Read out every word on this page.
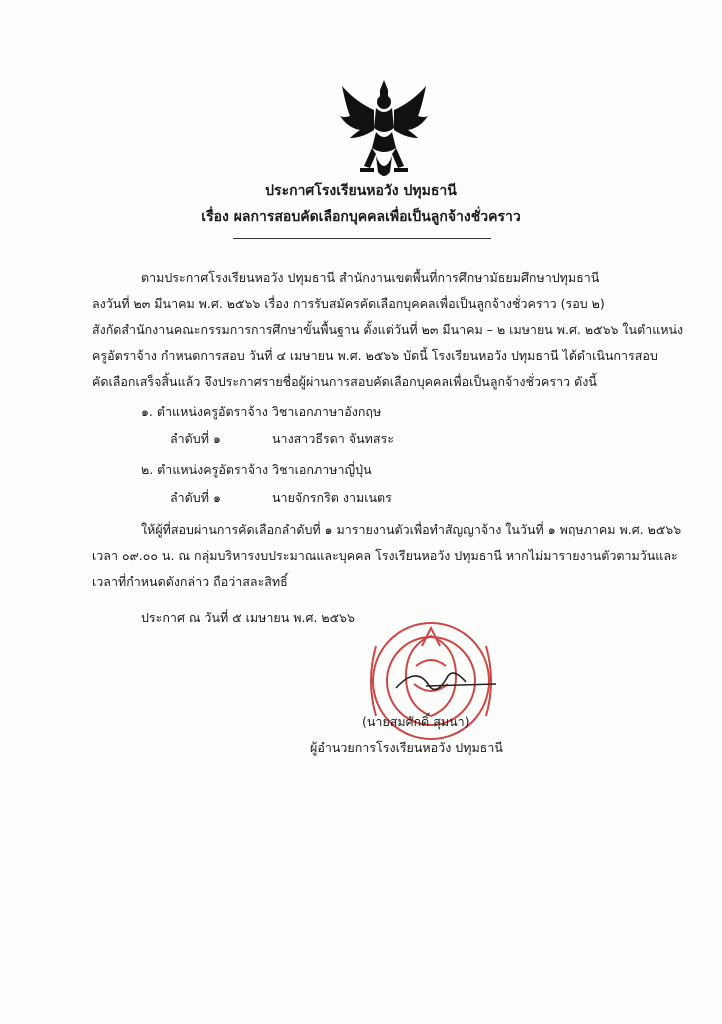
ประกาศโรงเรียนหอวัง ปทุมธานี
เรื่อง ผลการสอบคัดเลือกบุคคลเพื่อเป็นลูกจ้างชั่วคราว
ตามประกาศโรงเรียนหอวัง ปทุมธานี สำนักงานเขตพื้นที่การศึกษามัธยมศึกษาปทุมธานี
ลงวันที่ ๒๓ มีนาคม พ.ศ. ๒๕๖๖ เรื่อง การรับสมัครคัดเลือกบุคคลเพื่อเป็นลูกจ้างชั่วคราว (รอบ ๒)
สังกัดสำนักงานคณะกรรมการการศึกษาขั้นพื้นฐาน ตั้งแต่วันที่ ๒๓ มีนาคม – ๒ เมษายน พ.ศ. ๒๕๖๖ ในตำแหน่ง
ครูอัตราจ้าง กำหนดการสอบ วันที่ ๔ เมษายน พ.ศ. ๒๕๖๖ บัดนี้ โรงเรียนหอวัง ปทุมธานี ได้ดำเนินการสอบ
คัดเลือกเสร็จสิ้นแล้ว จึงประกาศรายชื่อผู้ผ่านการสอบคัดเลือกบุคคลเพื่อเป็นลูกจ้างชั่วคราว ดังนี้
๑. ตำแหน่งครูอัตราจ้าง วิชาเอกภาษาอังกฤษ
ลำดับที่ ๑	นางสาวธีรดา จันทสระ
๒. ตำแหน่งครูอัตราจ้าง วิชาเอกภาษาญี่ปุ่น
ลำดับที่ ๑	นายจักรกริต งามเนตร
ให้ผู้ที่สอบผ่านการคัดเลือกลำดับที่ ๑ มารายงานตัวเพื่อทำสัญญาจ้าง ในวันที่ ๑ พฤษภาคม พ.ศ. ๒๕๖๖
เวลา ๐๙.๐๐ น. ณ กลุ่มบริหารงบประมาณและบุคคล โรงเรียนหอวัง ปทุมธานี หากไม่มารายงานตัวตามวันและ
เวลาที่กำหนดดังกล่าว ถือว่าสละสิทธิ์
ประกาศ ณ วันที่ ๕ เมษายน พ.ศ. ๒๕๖๖
(นายสมศักดิ์ สุมนา)
ผู้อำนวยการโรงเรียนหอวัง ปทุมธานี
